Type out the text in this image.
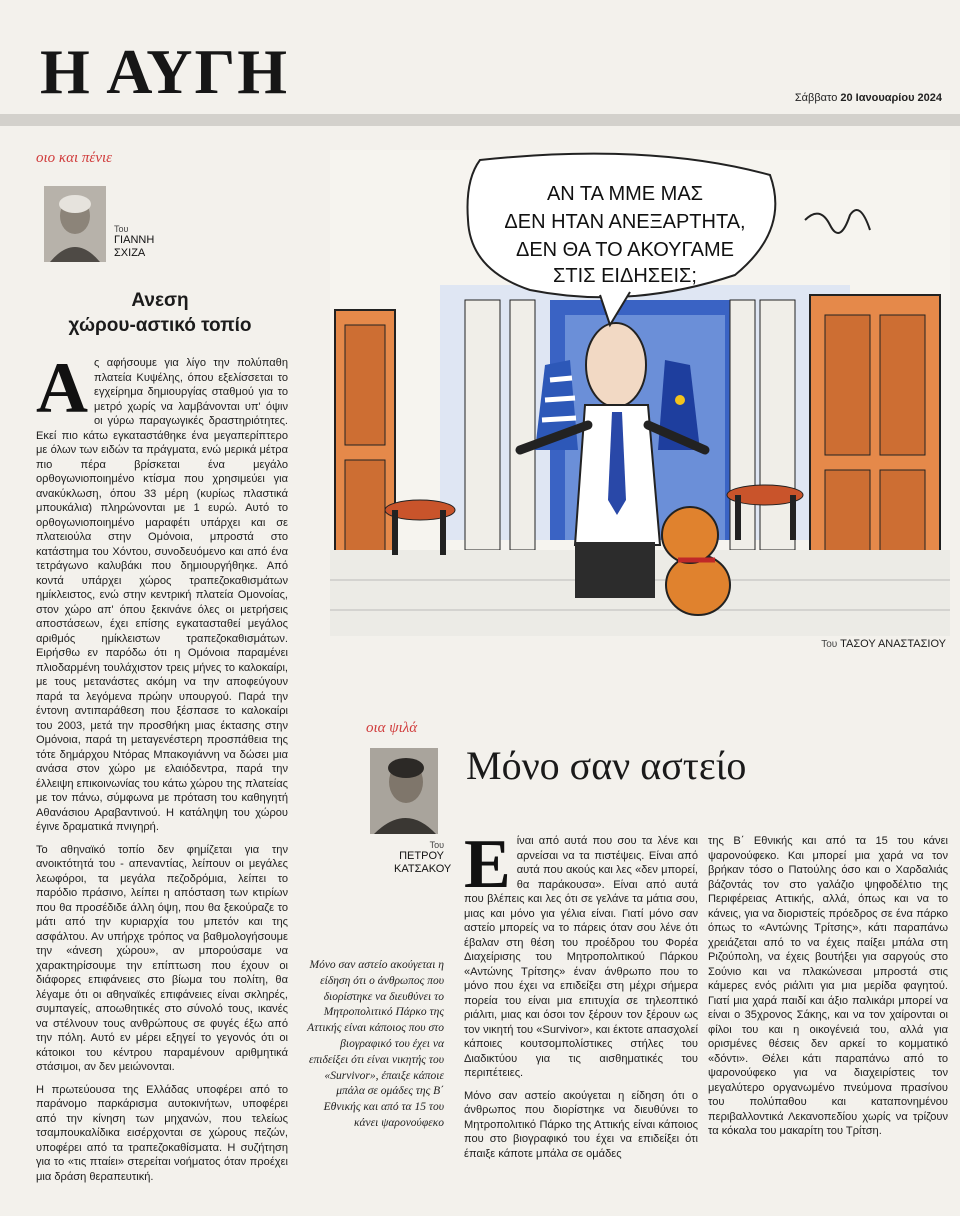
Η ΑΥΓΗ	Σάββατο 20 Ιανουαρίου 2024
οιο και πένιε
Του
ΓΙΑΝΝΗ
ΣΧΙΖΑ
Ανεση
χώρου-αστικό τοπίο

Ας αφήσουμε για λίγο την πολύπαθη πλατεία Κυψέλης, όπου εξελίσσεται το εγχείρημα δημιουργίας σταθμού για το μετρό χωρίς να λαμβάνονται υπ' όψιν οι γύρω παραγωγικές δραστηριότητες. Εκεί πιο κάτω εγκαταστάθηκε ένα μεγαπερίπτερο με όλων των ειδών τα πράγματα, ενώ μερικά μέτρα πιο πέρα βρίσκεται ένα μεγάλο ορθογωνιοποιημένο κτίσμα που χρησιμεύει για ανακύκλωση, όπου 33 μέρη (κυρίως πλαστικά μπουκάλια) πληρώνονται με 1 ευρώ. Αυτό το ορθογωνιοποιημένο μαραφέτι υπάρχει και σε πλατειούλα στην Ομόνοια, μπροστά στο κατάστημα του Χόντου, συνοδευόμενο και από ένα τετράγωνο καλυβάκι που δημιουργήθηκε. Από κοντά υπάρχει χώρος τραπεζοκαθισμάτων ημίκλειστος, ενώ στην κεντρική πλατεία Ομονοίας, στον χώρο απ' όπου ξεκινάνε όλες οι μετρήσεις αποστάσεων, έχει επίσης εγκατασταθεί μεγάλος αριθμός ημίκλειστων τραπεζοκαθισμάτων. Ειρήσθω εν παρόδω ότι η Ομόνοια παραμένει πλιοδαρμένη τουλάχιστον τρεις μήνες το καλοκαίρι, με τους μετανάστες ακόμη να την αποφεύγουν παρά τα λεγόμενα πρώην υπουργού. Παρά την έντονη αντιπαράθεση που ξέσπασε το καλοκαίρι του 2003, μετά την προσθήκη μιας έκτασης στην Ομόνοια, παρά τη μεταγενέστερη προσπάθεια της τότε δημάρχου Ντόρας Μπακογιάννη να δώσει μια ανάσα στον χώρο με ελαιόδεντρα, παρά την έλλειψη επικοινωνίας του κάτω χώρου της πλατείας με τον πάνω, σύμφωνα με πρόταση του καθηγητή Αθανάσιου Αραβαντινού. Η κατάληψη του χώρου έγινε δραματικά πνιγηρή.

Το αθηναϊκό τοπίο δεν φημίζεται για την ανοικτότητά του - απεναντίας, λείπουν οι μεγάλες λεωφόροι, τα μεγάλα πεζοδρόμια, λείπει το παρόδιο πράσινο, λείπει η απόσταση των κτιρίων που θα προσέδιδε άλλη όψη, που θα ξεκούραζε το μάτι από την κυριαρχία του μπετόν και της ασφάλτου. Αν υπήρχε τρόπος να βαθμολογήσουμε την «άνεση χώρου», αν μπορούσαμε να χαρακτηρίσουμε την επίπτωση που έχουν οι διάφορες επιφάνειες στο βίωμα του πολίτη, θα λέγαμε ότι οι αθηναϊκές επιφάνειες είναι σκληρές, συμπαγείς, αποωθητικές στο σύνολό τους, ικανές να στέλνουν τους ανθρώπους σε φυγές έξω από την πόλη. Αυτό εν μέρει εξηγεί το γεγονός ότι οι κάτοικοι του κέντρου παραμένουν αριθμητικά στάσιμοι, αν δεν μειώνονται.

Η πρωτεύουσα της Ελλάδας υποφέρει από το παράνομο παρκάρισμα αυτοκινήτων, υποφέρει από την κίνηση των μηχανών, που τελείως τσαμπουκαλίδικα εισέρχονται σε χώρους πεζών, υποφέρει από τα τραπεζοκαθίσματα. Η συζήτηση για το «τις πταίει» στερείται νοήματος όταν προέχει μια δράση θεραπευτική.

ΑΝ ΤΑ ΜΜΕ ΜΑΣ
ΔΕΝ ΗΤΑΝ ΑΝΕΞΑΡΤΗΤΑ,
ΔΕΝ ΘΑ ΤΟ ΑΚΟΥΓΑΜΕ
ΣΤΙΣ ΕΙΔΗΣΕΙΣ;
Του ΤΑΣΟΥ ΑΝΑΣΤΑΣΙΟΥ
οια ψιλά
Του
ΠΕΤΡΟΥ
ΚΑΤΣΑΚΟΥ
Μόνο σαν αστείο
Μόνο σαν αστείο ακούγεται η είδηση ότι ο άνθρωπος που διορίστηκε να διευθύνει το Μητροπολιτικό Πάρκο της Αττικής είναι κάποιος που στο βιογραφικό του έχει να επιδείξει ότι είναι νικητής του «Survivor», έπαιξε κάποιε μπάλα σε ομάδες της Β΄ Εθνικής και από τα 15 του κάνει ψαρονούφεκο

Είναι από αυτά που σου τα λένε και αρνείσαι να τα πιστέψεις. Είναι από αυτά που ακούς και λες «δεν μπορεί, θα παράκουσα». Είναι από αυτά που βλέπεις και λες ότι σε γελάνε τα μάτια σου, μιας και μόνο για γέλια είναι. Γιατί μόνο σαν αστείο μπορείς να το πάρεις όταν σου λένε ότι έβαλαν στη θέση του προέδρου του Φορέα Διαχείρισης του Μητροπολιτικού Πάρκου «Αντώνης Τρίτσης» έναν άνθρωπο που το μόνο που έχει να επιδείξει στη μέχρι σήμερα πορεία του είναι μια επιτυχία σε τηλεοπτικό ριάλιτι, μιας και όσοι τον ξέρουν τον ξέρουν ως τον νικητή του «Survivor», και έκτοτε απασχολεί κάποιες κουτσομπολίστικες στήλες του Διαδικτύου για τις αισθηματικές του περιπέτειες.

Μόνο σαν αστείο ακούγεται η είδηση ότι ο άνθρωπος που διορίστηκε να διευθύνει το Μητροπολιτικό Πάρκο της Αττικής είναι κάποιος που στο βιογραφικό του έχει να επιδείξει ότι έπαιξε κάποτε μπάλα σε ομάδες

της Β΄ Εθνικής και από τα 15 του κάνει ψαρονούφεκο. Και μπορεί μια χαρά να τον βρήκαν τόσο ο Πατούλης όσο και ο Χαρδαλιάς βάζοντάς τον στο γαλάζιο ψηφοδέλτιο της Περιφέρειας Αττικής, αλλά, όπως και να το κάνεις, για να διοριστείς πρόεδρος σε ένα πάρκο όπως το «Αντώνης Τρίτσης», κάτι παραπάνω χρειάζεται από το να έχεις παίξει μπάλα στη Ριζούπολη, να έχεις βουτήξει για σαργούς στο Σούνιο και να πλακώνεσαι μπροστά στις κάμερες ενός ριάλιτι για μια μερίδα φαγητού. Γιατί μια χαρά παιδί και άξιο παλικάρι μπορεί να είναι ο 35χρονος Σάκης, και να τον χαίρονται οι φίλοι του και η οικογένειά του, αλλά για ορισμένες θέσεις δεν αρκεί το κομματικό «δόντι». Θέλει κάτι παραπάνω από το ψαρονούφεκο για να διαχειρίστεις τον μεγαλύτερο οργανωμένο πνεύμονα πρασίνου του πολύπαθου και καταπονημένου περιβαλλοντικά Λεκανοπεδίου χωρίς να τρίζουν τα κόκαλα του μακαρίτη του Τρίτση.
